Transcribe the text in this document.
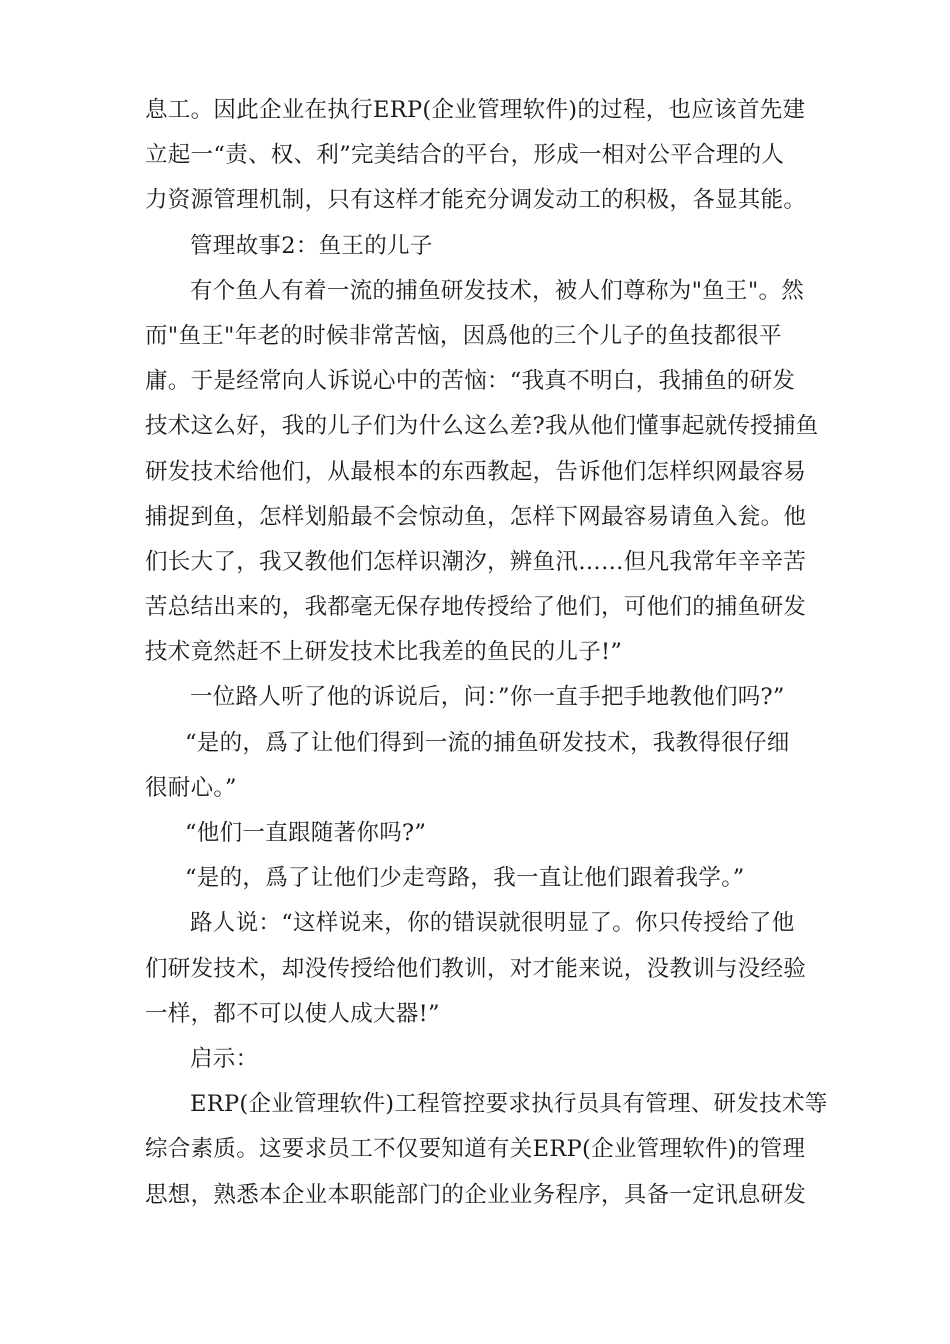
息工。因此企业在执行ERP(企业管理软件)的过程，也应该首先建
立起一“责、权、利”完美结合的平台，形成一相对公平合理的人
力资源管理机制，只有这样才能充分调发动工的积极，各显其能。
管理故事2：鱼王的儿子
有个鱼人有着一流的捕鱼研发技术，被人们尊称为"鱼王"。然
而"鱼王"年老的时候非常苦恼，因爲他的三个儿子的鱼技都很平
庸。于是经常向人诉说心中的苦恼：“我真不明白，我捕鱼的研发
技术这么好，我的儿子们为什么这么差?我从他们懂事起就传授捕鱼
研发技术给他们，从最根本的东西教起，告诉他们怎样织网最容易
捕捉到鱼，怎样划船最不会惊动鱼，怎样下网最容易请鱼入瓮。他
们长大了，我又教他们怎样识潮汐，辨鱼汛……但凡我常年辛辛苦
苦总结出来的，我都毫无保存地传授给了他们，可他们的捕鱼研发
技术竟然赶不上研发技术比我差的鱼民的儿子!”
一位路人听了他的诉说后，问：”你一直手把手地教他们吗?”
“是的，爲了让他们得到一流的捕鱼研发技术，我教得很仔细
很耐心。”
“他们一直跟随著你吗?”
“是的，爲了让他们少走弯路，我一直让他们跟着我学。”
路人说：“这样说来，你的错误就很明显了。你只传授给了他
们研发技术，却没传授给他们教训，对才能来说，没教训与没经验
一样，都不可以使人成大器!”
启示：
ERP(企业管理软件)工程管控要求执行员具有管理、研发技术等
综合素质。这要求员工不仅要知道有关ERP(企业管理软件)的管理
思想，熟悉本企业本职能部门的企业业务程序，具备一定讯息研发
